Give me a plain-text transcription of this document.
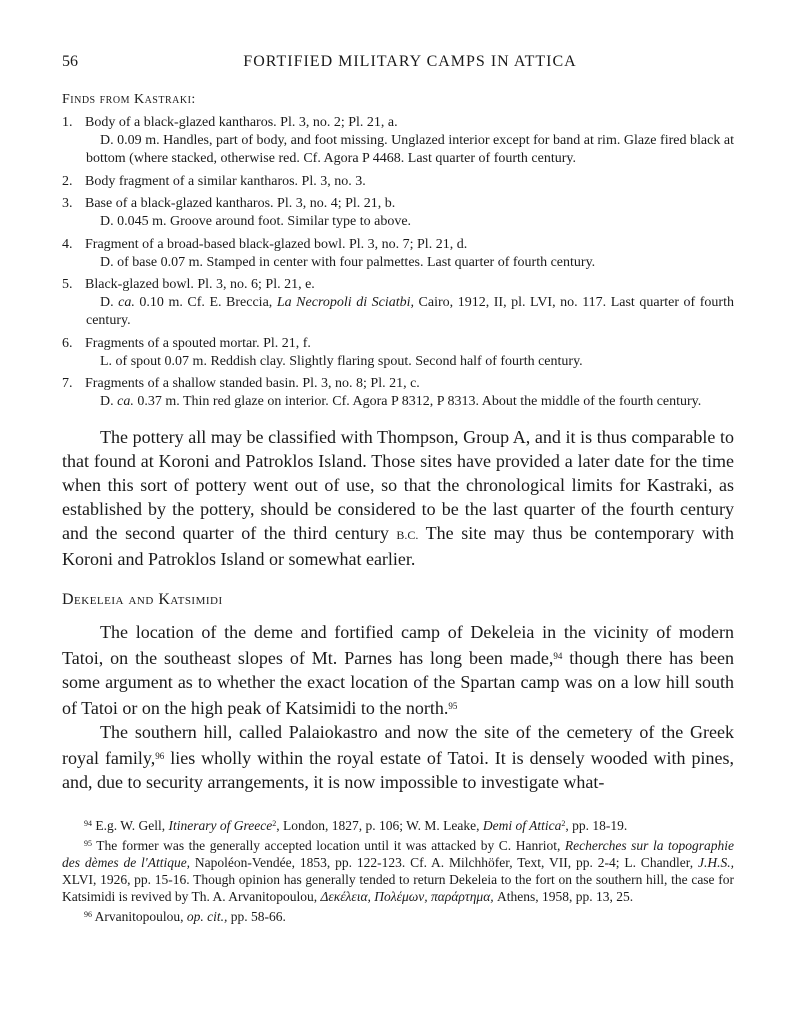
56	FORTIFIED MILITARY CAMPS IN ATTICA
Finds from Kastraki:
1. Body of a black-glazed kantharos. Pl. 3, no. 2; Pl. 21, a.
D. 0.09 m. Handles, part of body, and foot missing. Unglazed interior except for band at rim. Glaze fired black at bottom (where stacked, otherwise red. Cf. Agora P 4468. Last quarter of fourth century.
2. Body fragment of a similar kantharos. Pl. 3, no. 3.
3. Base of a black-glazed kantharos. Pl. 3, no. 4; Pl. 21, b.
D. 0.045 m. Groove around foot. Similar type to above.
4. Fragment of a broad-based black-glazed bowl. Pl. 3, no. 7; Pl. 21, d.
D. of base 0.07 m. Stamped in center with four palmettes. Last quarter of fourth century.
5. Black-glazed bowl. Pl. 3, no. 6; Pl. 21, e.
D. ca. 0.10 m. Cf. E. Breccia, La Necropoli di Sciatbi, Cairo, 1912, II, pl. LVI, no. 117. Last quarter of fourth century.
6. Fragments of a spouted mortar. Pl. 21, f.
L. of spout 0.07 m. Reddish clay. Slightly flaring spout. Second half of fourth century.
7. Fragments of a shallow standed basin. Pl. 3, no. 8; Pl. 21, c.
D. ca. 0.37 m. Thin red glaze on interior. Cf. Agora P 8312, P 8313. About the middle of the fourth century.

The pottery all may be classified with Thompson, Group A, and it is thus comparable to that found at Koroni and Patroklos Island. Those sites have provided a later date for the time when this sort of pottery went out of use, so that the chronological limits for Kastraki, as established by the pottery, should be considered to be the last quarter of the fourth century and the second quarter of the third century B.C. The site may thus be contemporary with Koroni and Patroklos Island or somewhat earlier.

Dekeleia and Katsimidi

The location of the deme and fortified camp of Dekeleia in the vicinity of modern Tatoi, on the southeast slopes of Mt. Parnes has long been made,$^{94}$ though there has been some argument as to whether the exact location of the Spartan camp was on a low hill south of Tatoi or on the high peak of Katsimidi to the north.$^{95}$

The southern hill, called Palaiokastro and now the site of the cemetery of the Greek royal family,$^{96}$ lies wholly within the royal estate of Tatoi. It is densely wooded with pines, and, due to security arrangements, it is now impossible to investigate what-

$^{94}$ E.g. W. Gell, Itinerary of Greece$^2$, London, 1827, p. 106; W. M. Leake, Demi of Attica$^2$, pp. 18-19.

$^{95}$ The former was the generally accepted location until it was attacked by C. Hanriot, Recherches sur la topographie des dèmes de l'Attique, Napoléon-Vendée, 1853, pp. 122-123. Cf. A. Milchhöfer, Text, VII, pp. 2-4; L. Chandler, J.H.S., XLVI, 1926, pp. 15-16. Though opinion has generally tended to return Dekeleia to the fort on the southern hill, the case for Katsimidi is revived by Th. A. Arvanitopoulou, Δεκέλεια, Πολέμων, παράρτημα, Athens, 1958, pp. 13, 25.

$^{96}$ Arvanitopoulou, op. cit., pp. 58-66.
